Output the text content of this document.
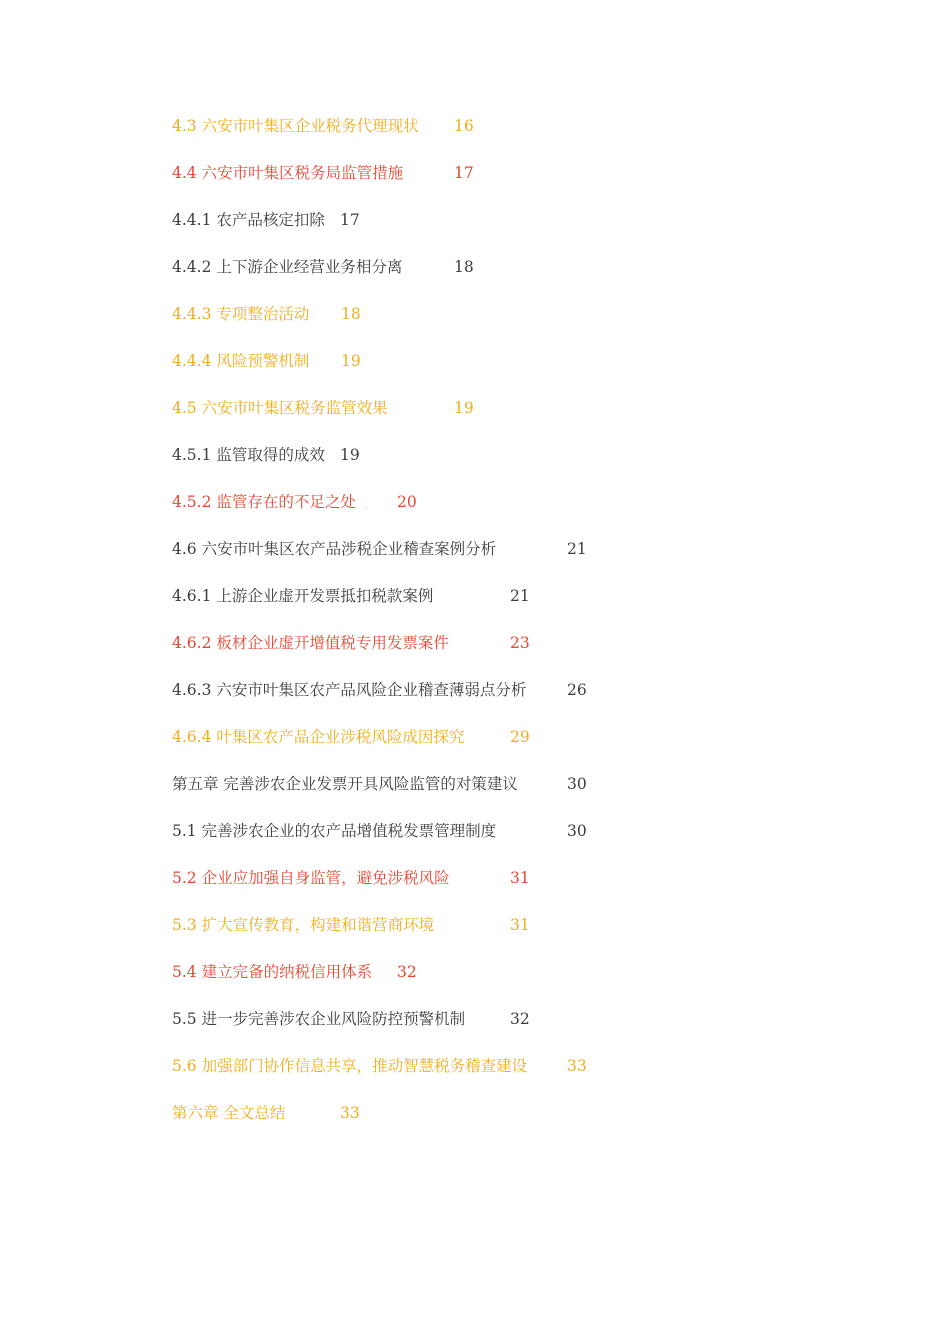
4.3 六安市叶集区企业税务代理现状 16
4.4 六安市叶集区税务局监管措施	17
4.4.1 农产品核定扣除 17
4.4.2 上下游企业经营业务相分离	18
4.4.3 专项整治活动 18
4.4.4 风险预警机制 19
4.5 六安市叶集区税务监管效果	19
4.5.1 监管取得的成效 19
4.5.2 监管存在的不足之处	20
4.6 六安市叶集区农产品涉税企业稽查案例分析	21
4.6.1 上游企业虚开发票抵扣税款案例	21
4.6.2 板材企业虚开增值税专用发票案件	23
4.6.3 六安市叶集区农产品风险企业稽查薄弱点分析	26
4.6.4 叶集区农产品企业涉税风险成因探究	29
第五章 完善涉农企业发票开具风险监管的对策建议	30
5.1 完善涉农企业的农产品增值税发票管理制度	30
5.2 企业应加强自身监管，避免涉税风险	31
5.3 扩大宣传教育，构建和谐营商环境	31
5.4 建立完备的纳税信用体系 32
5.5 进一步完善涉农企业风险防控预警机制	32
5.6 加强部门协作信息共享，推动智慧税务稽查建设	33
第六章 全文总结	33
